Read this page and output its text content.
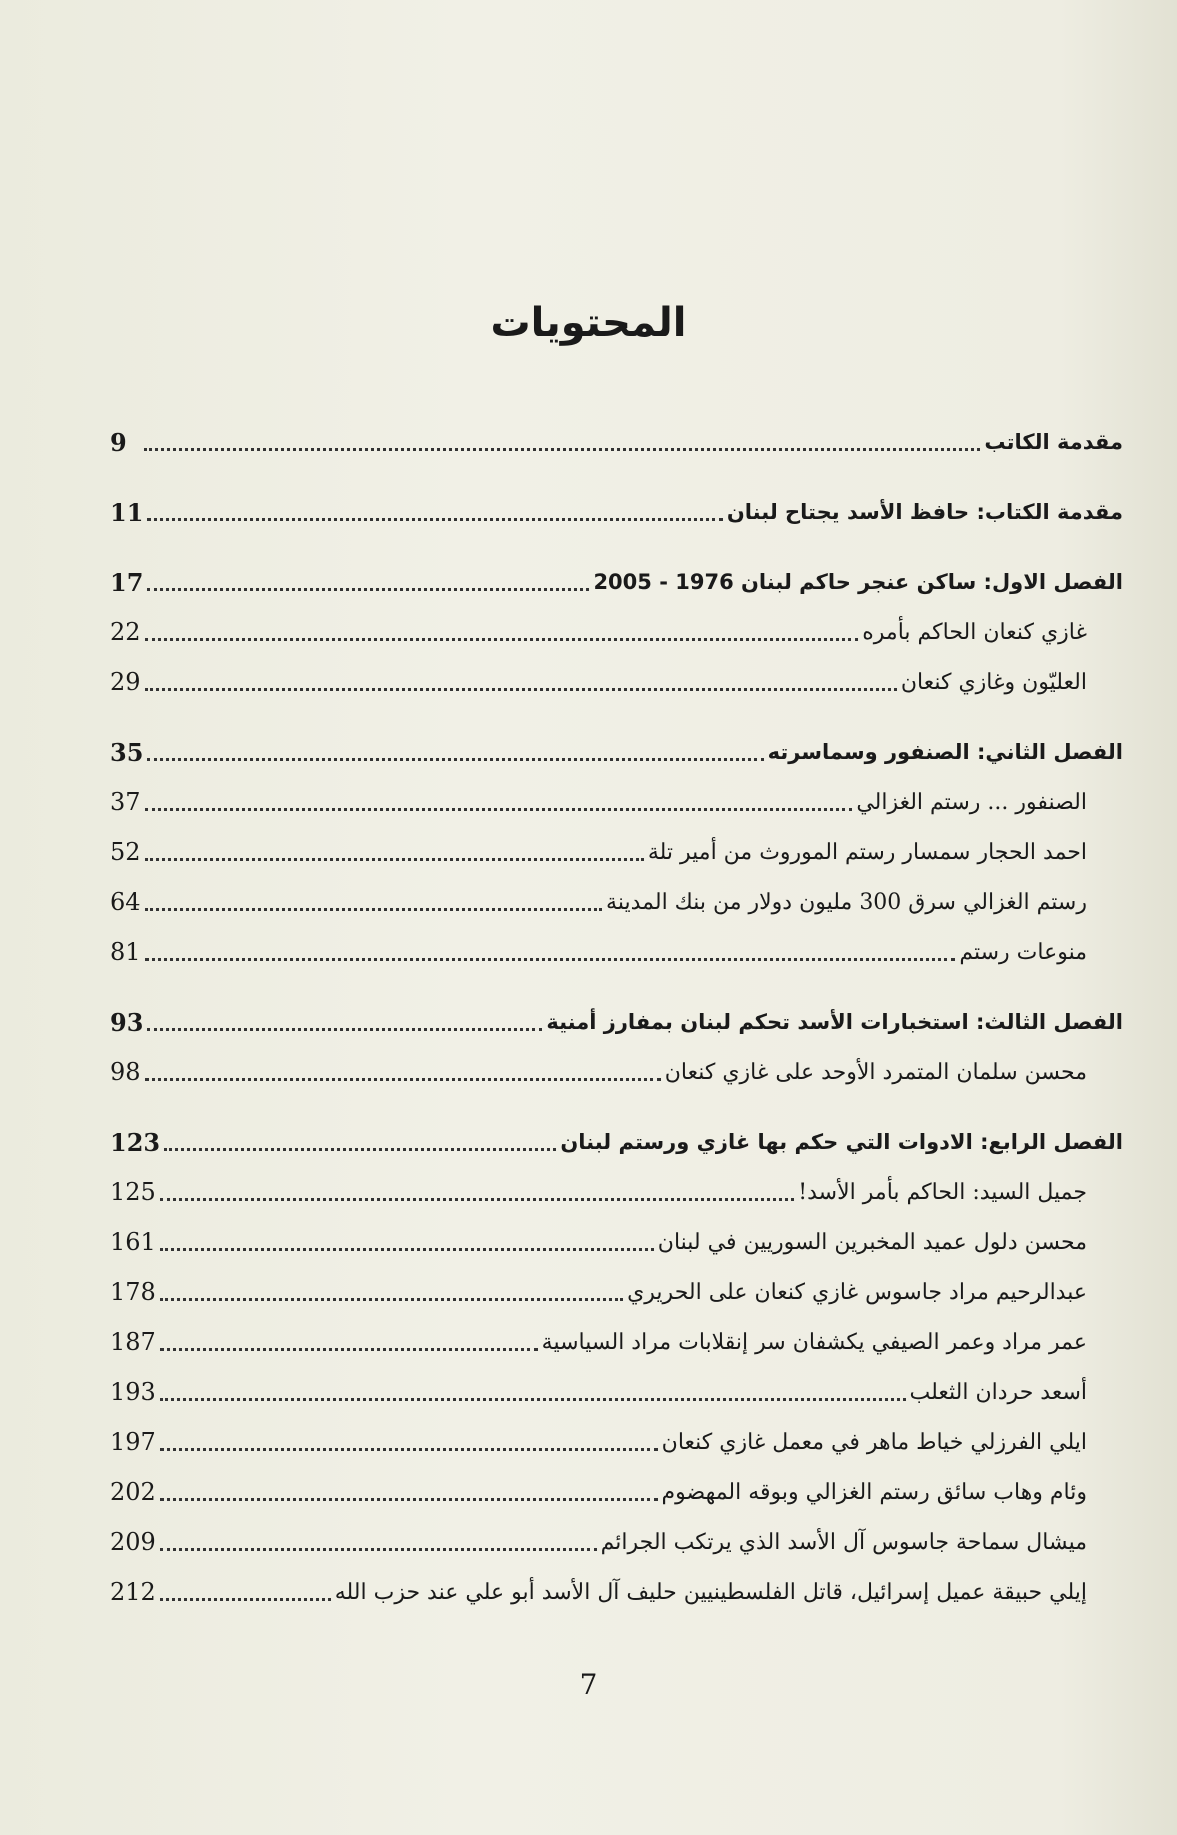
المحتويات
مقدمة الكاتب
9
مقدمة الكتاب: حافظ الأسد يجتاح لبنان
11
الفصل الاول: ساكن عنجر حاكم لبنان 1976 - 2005
17
غازي كنعان الحاكم بأمره
22
العليّون وغازي كنعان
29
الفصل الثاني: الصنفور وسماسرته
35
الصنفور ... رستم الغزالي
37
احمد الحجار سمسار رستم الموروث من أمير تلة
52
رستم الغزالي سرق 300 مليون دولار من بنك المدينة
64
منوعات رستم
81
الفصل الثالث: استخبارات الأسد تحكم لبنان بمفارز أمنية
93
محسن سلمان المتمرد الأوحد على غازي كنعان
98
الفصل الرابع: الادوات التي حكم بها غازي ورستم لبنان
123
جميل السيد: الحاكم بأمر الأسد!
125
محسن دلول عميد المخبرين السوريين في لبنان
161
عبدالرحيم مراد جاسوس غازي كنعان على الحريري
178
عمر مراد وعمر الصيفي يكشفان سر إنقلابات مراد السياسية
187
أسعد حردان الثعلب
193
ايلي الفرزلي خياط ماهر في معمل غازي كنعان
197
وئام وهاب سائق رستم الغزالي وبوقه المهضوم
202
ميشال سماحة جاسوس آل الأسد الذي يرتكب الجرائم
209
إيلي حبيقة عميل إسرائيل، قاتل الفلسطينيين حليف آل الأسد أبو علي عند حزب الله
212
7
